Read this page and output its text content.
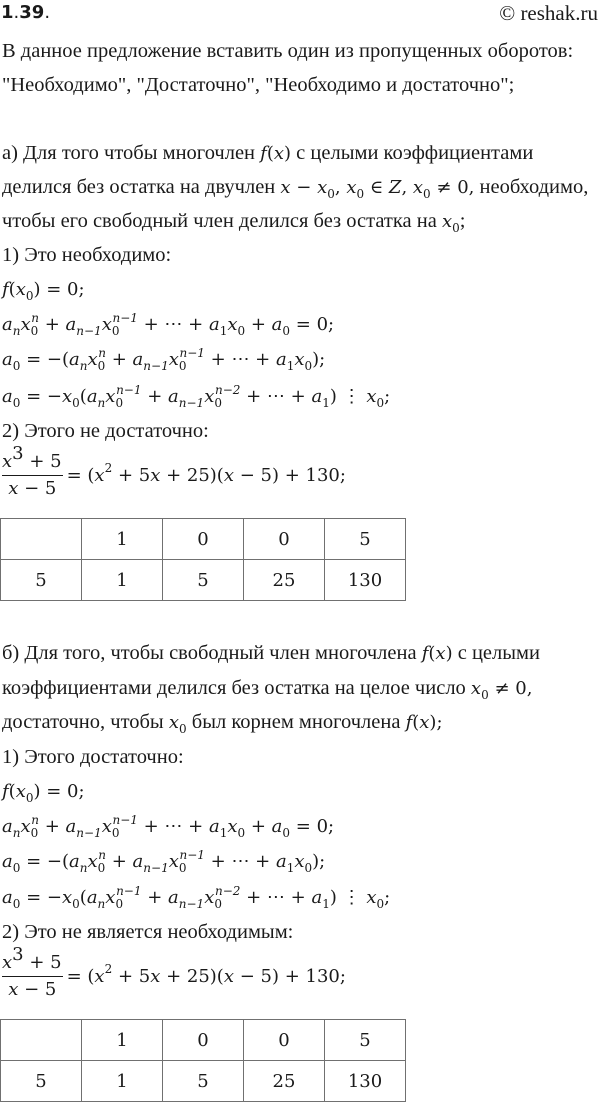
1.39.	© reshak.ru
В данное предложение вставить один из пропущенных оборотов:
"Необходимо", "Достаточно", "Необходимо и достаточно";
а) Для того чтобы многочлен f(x) с целыми коэффициентами
делился без остатка на двучлен $x - x_0$, $x_0$ ∈ Z, $x_0 \ne 0$, необходимо,
чтобы его свободный член делился без остатка на $x_0$;
1) Это необходимо:
$f(x_0) = 0$;
$a_nx_0^n + a_{n-1}x_0^{n-1}$ + ⋯ + $a_1x_0 + a_0 = 0$;
$a_0 = -(a_nx_0^n + a_{n-1}x_0^{n-1}$ + ⋯ + $a_1x_0$);
$a_0 = -x_0(a_nx_0^{n-1} + a_{n-1}x_0^{n-2}$ + ⋯ + $a_1$) ⋮ $x_0$;
2) Этого не достаточно:
$\frac{x^3 + 5}{x - 5} = (x^2 + 5x + 25)(x - 5) + 130$;
	1	0	0	5
5	1	5	25	130
б) Для того, чтобы свободный член многочлена f(x) с целыми
коэффициентами делился без остатка на целое число $x_0 \ne 0$,
достаточно, чтобы $x_0$ был корнем многочлена f(x);
1) Этого достаточно:
$f(x_0) = 0$;
$a_nx_0^n + a_{n-1}x_0^{n-1}$ + ⋯ + $a_1x_0 + a_0 = 0$;
$a_0 = -(a_nx_0^n + a_{n-1}x_0^{n-1}$ + ⋯ + $a_1x_0$);
$a_0 = -x_0(a_nx_0^{n-1} + a_{n-1}x_0^{n-2}$ + ⋯ + $a_1$) ⋮ $x_0$;
2) Это не является необходимым:
$\frac{x^3 + 5}{x - 5} = (x^2 + 5x + 25)(x - 5) + 130$;
	1	0	0	5
5	1	5	25	130
